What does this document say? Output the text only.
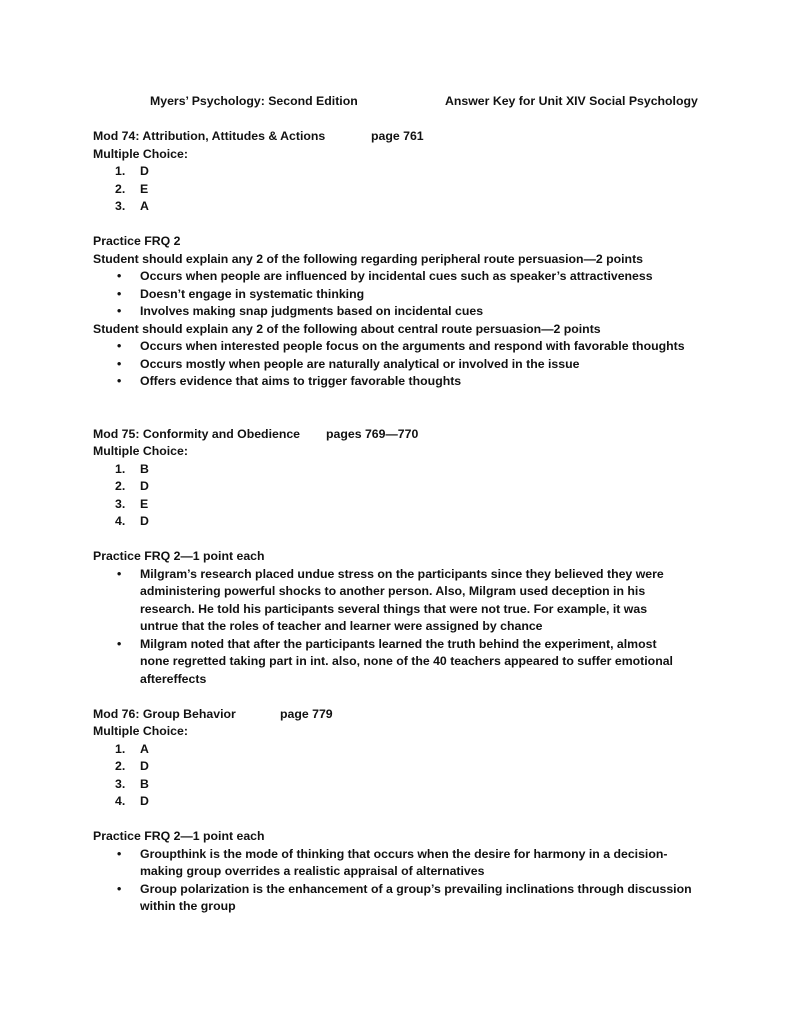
Myers’ Psychology: Second Edition	Answer Key for Unit XIV Social Psychology
Mod 74: Attribution, Attitudes & Actions	page 761
Multiple Choice:
1. D
2. E
3. A
Practice FRQ 2
Student should explain any 2 of the following regarding peripheral route persuasion—2 points
• Occurs when people are influenced by incidental cues such as speaker’s attractiveness
• Doesn’t engage in systematic thinking
• Involves making snap judgments based on incidental cues
Student should explain any 2 of the following about central route persuasion—2 points
• Occurs when interested people focus on the arguments and respond with favorable thoughts
• Occurs mostly when people are naturally analytical or involved in the issue
• Offers evidence that aims to trigger favorable thoughts
Mod 75: Conformity and Obedience pages 769—770
Multiple Choice:
1. B
2. D
3. E
4. D
Practice FRQ 2—1 point each
• Milgram’s research placed undue stress on the participants since they believed they were
administering powerful shocks to another person. Also, Milgram used deception in his
research. He told his participants several things that were not true. For example, it was
untrue that the roles of teacher and learner were assigned by chance
• Milgram noted that after the participants learned the truth behind the experiment, almost
none regretted taking part in int. also, none of the 40 teachers appeared to suffer emotional
aftereffects
Mod 76: Group Behavior	page 779
Multiple Choice:
1. A
2. D
3. B
4. D
Practice FRQ 2—1 point each
• Groupthink is the mode of thinking that occurs when the desire for harmony in a decision-
making group overrides a realistic appraisal of alternatives
• Group polarization is the enhancement of a group’s prevailing inclinations through discussion
within the group
